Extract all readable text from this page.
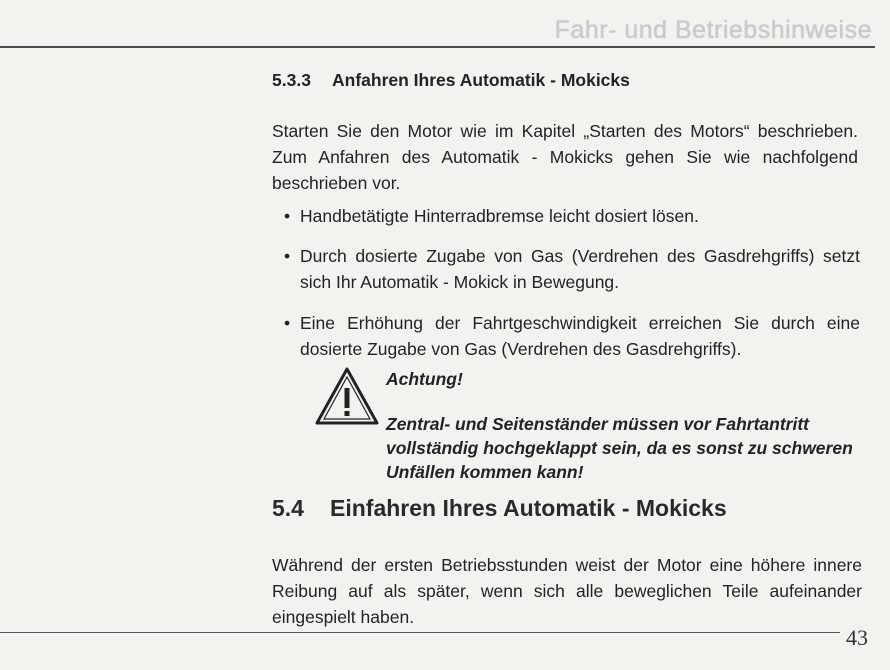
Fahr- und Betriebshinweise
5.3.3 Anfahren Ihres Automatik - Mokicks

Starten Sie den Motor wie im Kapitel „Starten des Motors“ beschrieben. Zum Anfahren des Automatik - Mokicks gehen Sie wie nachfolgend beschrieben vor.

• Handbetätigte Hinterradbremse leicht dosiert lösen.

• Durch dosierte Zugabe von Gas (Verdrehen des Gasdrehgriffs) setzt sich Ihr Automatik - Mokick in Bewegung.

• Eine Erhöhung der Fahrtgeschwindigkeit erreichen Sie durch eine dosierte Zugabe von Gas (Verdrehen des Gasdrehgriffs).

Achtung!

Zentral- und Seitenständer müssen vor Fahrtantritt vollständig hochgeklappt sein, da es sonst zu schweren Unfällen kommen kann!

5.4 Einfahren Ihres Automatik - Mokicks

Während der ersten Betriebsstunden weist der Motor eine höhere innere Reibung auf als später, wenn sich alle beweglichen Teile aufeinander eingespielt haben.

43
